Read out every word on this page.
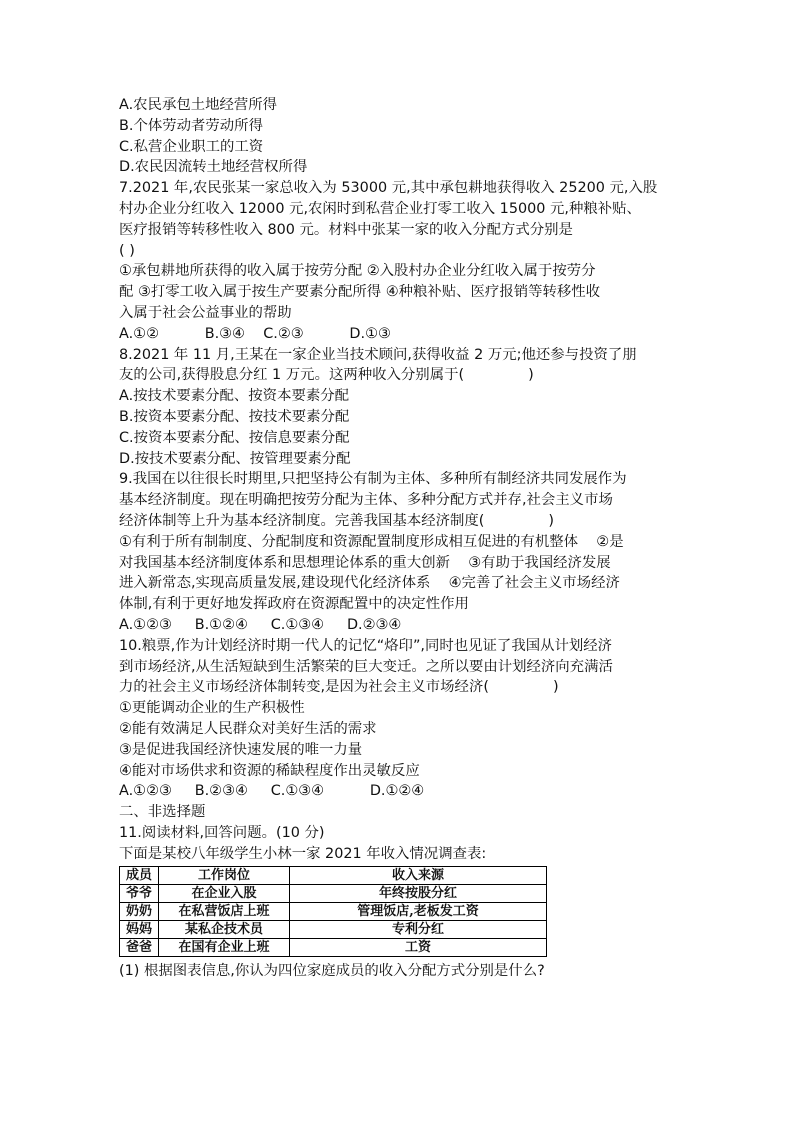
A.农民承包土地经营所得
B.个体劳动者劳动所得
C.私营企业职工的工资
D.农民因流转土地经营权所得
7.2021 年,农民张某一家总收入为 53000 元,其中承包耕地获得收入 25200 元,入股
村办企业分红收入 12000 元,农闲时到私营企业打零工收入 15000 元,种粮补贴、
医疗报销等转移性收入 800 元。材料中张某一家的收入分配方式分别是
( )
①承包耕地所获得的收入属于按劳分配 ②入股村办企业分红收入属于按劳分
配 ③打零工收入属于按生产要素分配所得 ④种粮补贴、医疗报销等转移性收
入属于社会公益事业的帮助
A.①②          B.③④    C.②③          D.①③
8.2021 年 11 月,王某在一家企业当技术顾问,获得收益 2 万元;他还参与投资了朋
友的公司,获得股息分红 1 万元。这两种收入分别属于(              )
A.按技术要素分配、按资本要素分配
B.按资本要素分配、按技术要素分配
C.按资本要素分配、按信息要素分配
D.按技术要素分配、按管理要素分配
9.我国在以往很长时期里,只把坚持公有制为主体、多种所有制经济共同发展作为
基本经济制度。现在明确把按劳分配为主体、多种分配方式并存,社会主义市场
经济体制等上升为基本经济制度。完善我国基本经济制度(              )
①有利于所有制制度、分配制度和资源配置制度形成相互促进的有机整体    ②是
对我国基本经济制度体系和思想理论体系的重大创新    ③有助于我国经济发展
进入新常态,实现高质量发展,建设现代化经济体系    ④完善了社会主义市场经济
体制,有利于更好地发挥政府在资源配置中的决定性作用
A.①②③     B.①②④     C.①③④     D.②③④
10.粮票,作为计划经济时期一代人的记忆“烙印”,同时也见证了我国从计划经济
到市场经济,从生活短缺到生活繁荣的巨大变迁。之所以要由计划经济向充满活
力的社会主义市场经济体制转变,是因为社会主义市场经济(              )
①更能调动企业的生产积极性
②能有效满足人民群众对美好生活的需求
③是促进我国经济快速发展的唯一力量
④能对市场供求和资源的稀缺程度作出灵敏反应
A.①②③     B.②③④     C.①③④          D.①②④
二、非选择题
11.阅读材料,回答问题。(10 分)
下面是某校八年级学生小林一家 2021 年收入情况调查表:
成员	工作岗位	收入来源
爷爷	在企业入股	年终按股分红
奶奶	在私营饭店上班	管理饭店,老板发工资
妈妈	某私企技术员	专利分红
爸爸	在国有企业上班	工资
(1) 根据图表信息,你认为四位家庭成员的收入分配方式分别是什么?
